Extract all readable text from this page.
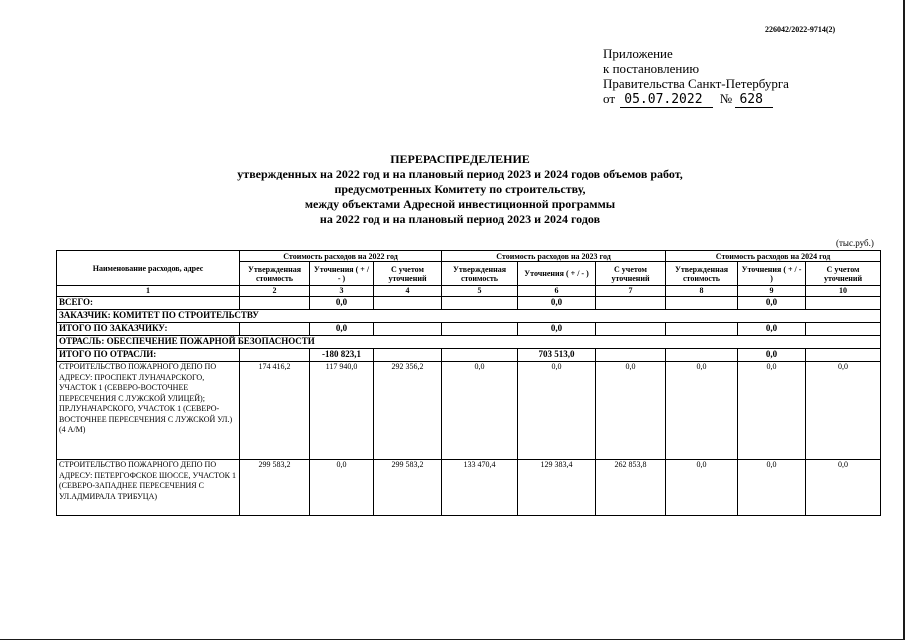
226042/2022-9714(2)
Приложение
к постановлению
Правительства Санкт-Петербурга
от 05.07.2022 № 628
ПЕРЕРАСПРЕДЕЛЕНИЕ
утвержденных на 2022 год и на плановый период 2023 и 2024 годов объемов работ,
предусмотренных Комитету по строительству,
между объектами Адресной инвестиционной программы
на 2022 год и на плановый период 2023 и 2024 годов
(тыс.руб.)
Наименование расходов, адрес	Стоимость расходов на 2022 год			Стоимость расходов на 2023 год			Стоимость расходов на 2024 год		
	Утвержденная стоимость	Уточнения ( + / - )	С учетом уточнений	Утвержденная стоимость	Уточнения ( + / - )	С учетом уточнений	Утвержденная стоимость	Уточнения ( + / - )	С учетом уточнений
1	2	3	4	5	6	7	8	9	10
ВСЕГО:		0,0			0,0			0,0	
ЗАКАЗЧИК: КОМИТЕТ ПО СТРОИТЕЛЬСТВУ									
ИТОГО ПО ЗАКАЗЧИКУ:		0,0			0,0			0,0	
ОТРАСЛЬ: ОБЕСПЕЧЕНИЕ ПОЖАРНОЙ БЕЗОПАСНОСТИ									
ИТОГО ПО ОТРАСЛИ:		-180 823,1			703 513,0			0,0	
СТРОИТЕЛЬСТВО ПОЖАРНОГО ДЕПО ПО АДРЕСУ: ПРОСПЕКТ ЛУНАЧАРСКОГО, УЧАСТОК 1 (СЕВЕРО-ВОСТОЧНЕЕ ПЕРЕСЕЧЕНИЯ С ЛУЖСКОЙ УЛИЦЕЙ); ПР.ЛУНАЧАРСКОГО, УЧАСТОК 1 (СЕВЕРО-ВОСТОЧНЕЕ ПЕРЕСЕЧЕНИЯ С ЛУЖСКОЙ УЛ.) (4 А/М)	174 416,2	117 940,0	292 356,2	0,0	0,0	0,0	0,0	0,0	0,0
СТРОИТЕЛЬСТВО ПОЖАРНОГО ДЕПО ПО АДРЕСУ: ПЕТЕРГОФСКОЕ ШОССЕ, УЧАСТОК 1 (СЕВЕРО-ЗАПАДНЕЕ ПЕРЕСЕЧЕНИЯ С УЛ.АДМИРАЛА ТРИБУЦА)	299 583,2	0,0	299 583,2	133 470,4	129 383,4	262 853,8	0,0	0,0	0,0
